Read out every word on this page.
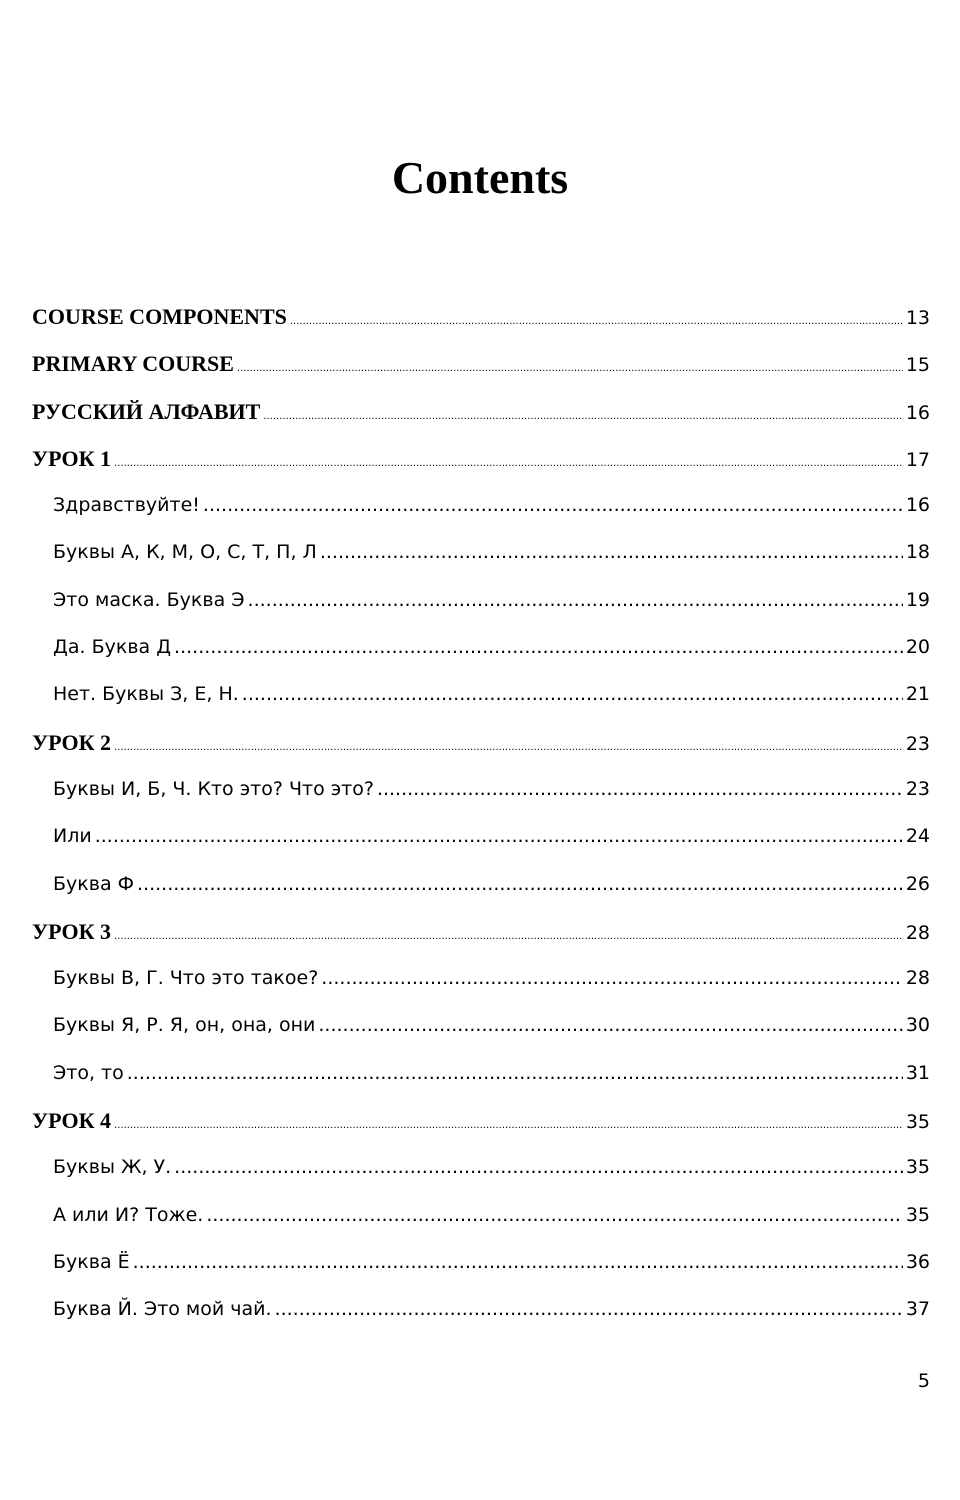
Contents
COURSE COMPONENTS .....	13
PRIMARY COURSE .....	15
РУССКИЙ АЛФАВИТ .....	16
УРОК 1 .....	17
Здравствуйте! .....	16
Буквы А, К, М, О, С, Т, П, Л .....	18
Это маска. Буква Э .....	19
Да. Буква Д .....	20
Нет. Буквы З, Е, Н. .....	21
УРОК 2 .....	23
Буквы И, Б, Ч. Кто это? Что это? .....	23
Или .....	24
Буква Ф .....	26
УРОК 3 .....	28
Буквы В, Г. Что это такое? .....	28
Буквы Я, Р. Я, он, она, они .....	30
Это, то .....	31
УРОК 4 .....	35
Буквы Ж, У. .....	35
А или И? Тоже. .....	35
Буква Ё .....	36
Буква Й. Это мой чай. .....	37
5
